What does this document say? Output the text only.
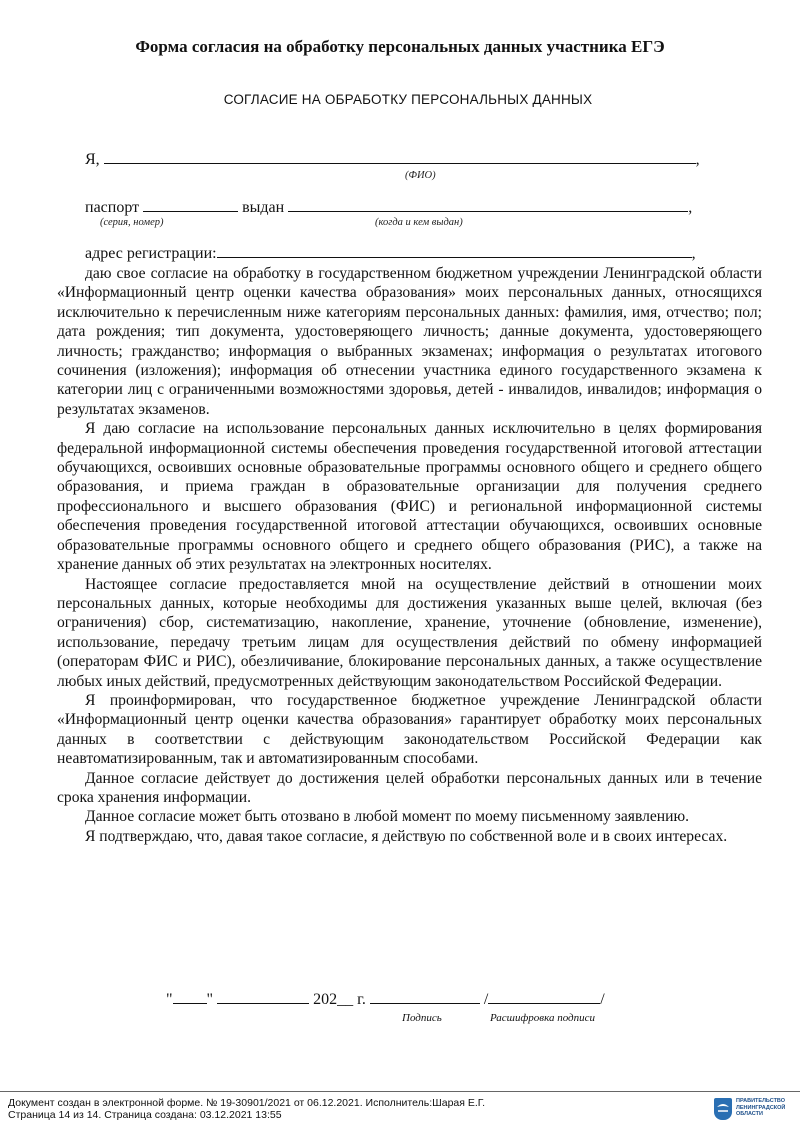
Форма согласия на обработку персональных данных участника ЕГЭ
СОГЛАСИЕ НА ОБРАБОТКУ ПЕРСОНАЛЬНЫХ ДАННЫХ
Я,	,
(ФИО)
паспорт	выдан	,
(серия, номер)	(когда и кем выдан)
адрес регистрации:	,

даю свое согласие на обработку в государственном бюджетном учреждении Ленинградской области «Информационный центр оценки качества образования» моих персональных данных, относящихся исключительно к перечисленным ниже категориям персональных данных: фамилия, имя, отчество; пол; дата рождения; тип документа, удостоверяющего личность; данные документа, удостоверяющего личность; гражданство; информация о выбранных экзаменах; информация о результатах итогового сочинения (изложения); информация об отнесении участника единого государственного экзамена к категории лиц с ограниченными возможностями здоровья, детей - инвалидов, инвалидов; информация о результатах экзаменов.

Я даю согласие на использование персональных данных исключительно в целях формирования федеральной информационной системы обеспечения проведения государственной итоговой аттестации обучающихся, освоивших основные образовательные программы основного общего и среднего общего образования, и приема граждан в образовательные организации для получения среднего профессионального и высшего образования (ФИС) и региональной информационной системы обеспечения проведения государственной итоговой аттестации обучающихся, освоивших основные образовательные программы основного общего и среднего общего образования (РИС), а также на хранение данных об этих результатах на электронных носителях.

Настоящее согласие предоставляется мной на осуществление действий в отношении моих персональных данных, которые необходимы для достижения указанных выше целей, включая (без ограничения) сбор, систематизацию, накопление, хранение, уточнение (обновление, изменение), использование, передачу третьим лицам для осуществления действий по обмену информацией (операторам ФИС и РИС), обезличивание, блокирование персональных данных, а также осуществление любых иных действий, предусмотренных действующим законодательством Российской Федерации.

Я проинформирован, что государственное бюджетное учреждение Ленинградской области «Информационный центр оценки качества образования» гарантирует обработку моих персональных данных в соответствии с действующим законодательством Российской Федерации как неавтоматизированным, так и автоматизированным способами.

Данное согласие действует до достижения целей обработки персональных данных или в течение срока хранения информации.

Данное согласие может быть отозвано в любой момент по моему письменному заявлению.

Я подтверждаю, что, давая такое согласие, я действую по собственной воле и в своих интересах.

" "	202__ г.	/	/
Подпись	Расшифровка подписи
Документ создан в электронной форме. № 19-30901/2021 от 06.12.2021. Исполнитель:Шарая Е.Г.
Страница 14 из 14. Страница создана: 03.12.2021 13:55
ПРАВИТЕЛЬСТВО ЛЕНИНГРАДСКОЙ ОБЛАСТИ
